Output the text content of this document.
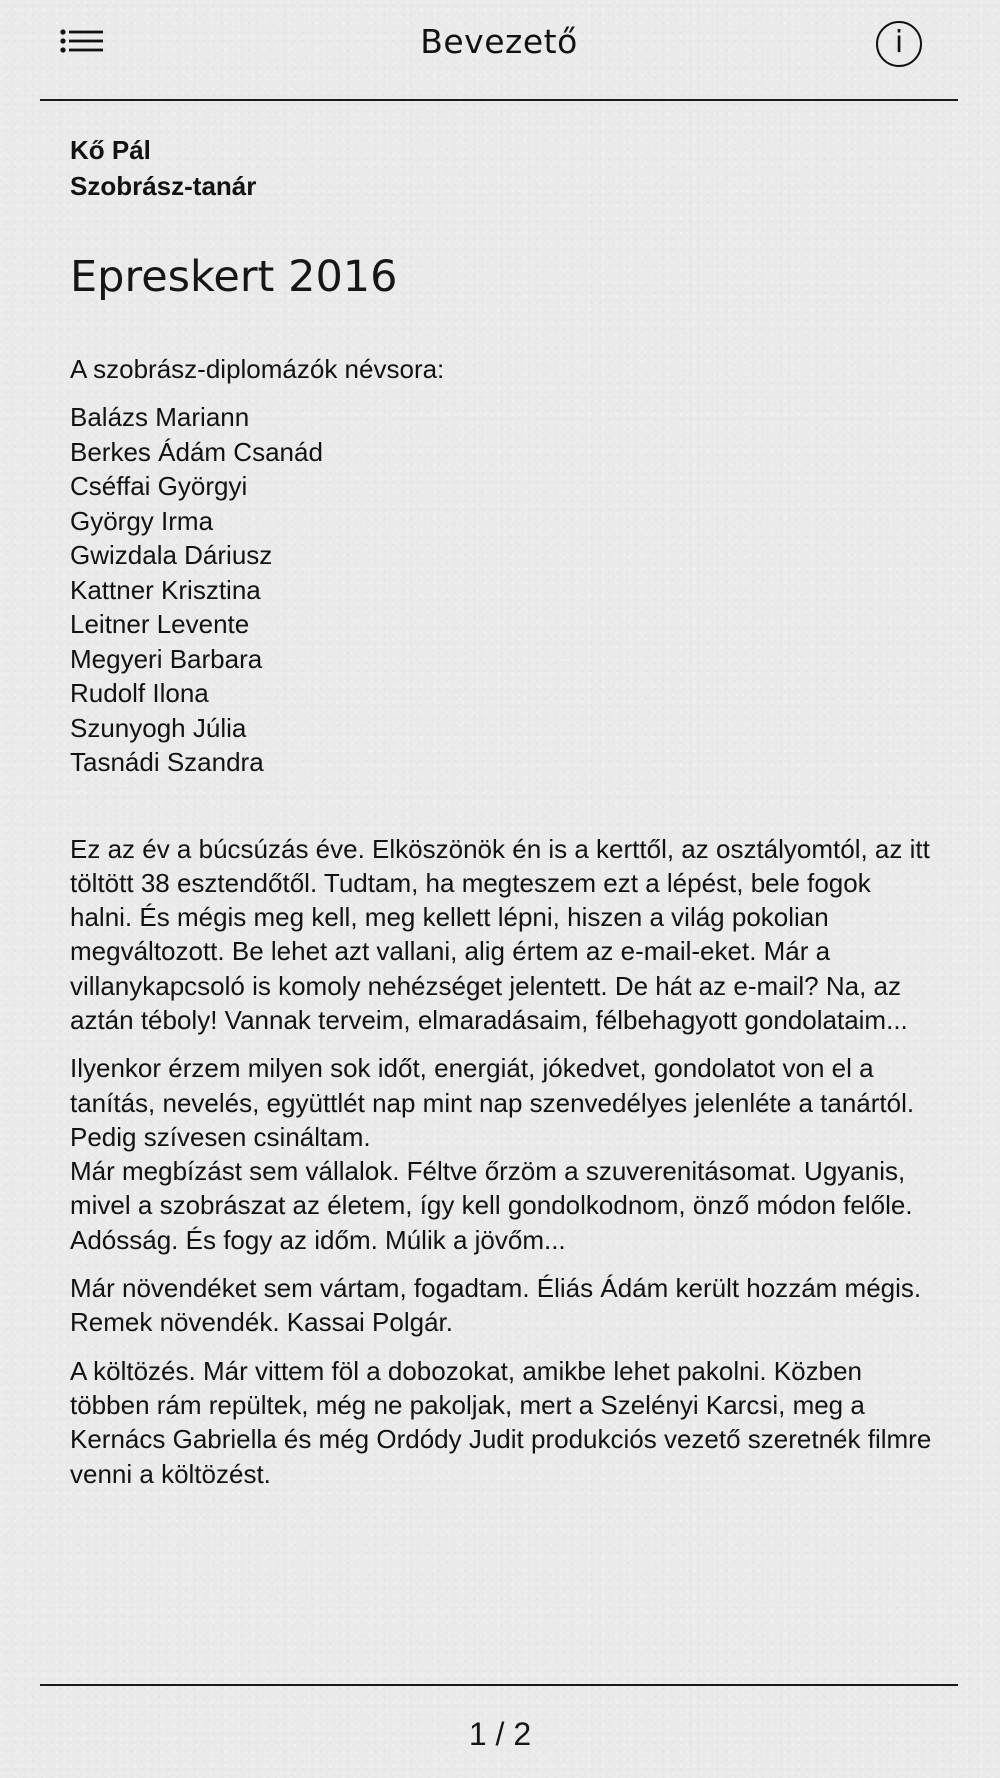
Bevezető	i
Kő Pál
Szobrász-tanár
Epreskert 2016
A szobrász-diplomázók névsora:
Balázs Mariann
Berkes Ádám Csanád
Cséffai Györgyi
György Irma
Gwizdala Dáriusz
Kattner Krisztina
Leitner Levente
Megyeri Barbara
Rudolf Ilona
Szunyogh Júlia
Tasnádi Szandra
Ez az év a búcsúzás éve. Elköszönök én is a kerttől, az osztályomtól, az itt töltött 38 esztendőtől. Tudtam, ha megteszem ezt a lépést, bele fogok halni. És mégis meg kell, meg kellett lépni, hiszen a világ pokolian megváltozott. Be lehet azt vallani, alig értem az e-mail-eket. Már a villanykapcsoló is komoly nehézséget jelentett. De hát az e-mail? Na, az aztán téboly! Vannak terveim, elmaradásaim, félbehagyott gondolataim...
Ilyenkor érzem milyen sok időt, energiát, jókedvet, gondolatot von el a tanítás, nevelés, együttlét nap mint nap szenvedélyes jelenléte a tanártól. Pedig szívesen csináltam.
Már megbízást sem vállalok. Féltve őrzöm a szuverenitásomat. Ugyanis, mivel a szobrászat az életem, így kell gondolkodnom, önző módon felőle.
Adósság. És fogy az időm. Múlik a jövőm...
Már növendéket sem vártam, fogadtam. Éliás Ádám került hozzám mégis. Remek növendék. Kassai Polgár.
A költözés. Már vittem föl a dobozokat, amikbe lehet pakolni. Közben többen rám repültek, még ne pakoljak, mert a Szelényi Karcsi, meg a Kernács Gabriella és még Ordódy Judit produkciós vezető szeretnék filmre venni a költözést.
1 / 2
